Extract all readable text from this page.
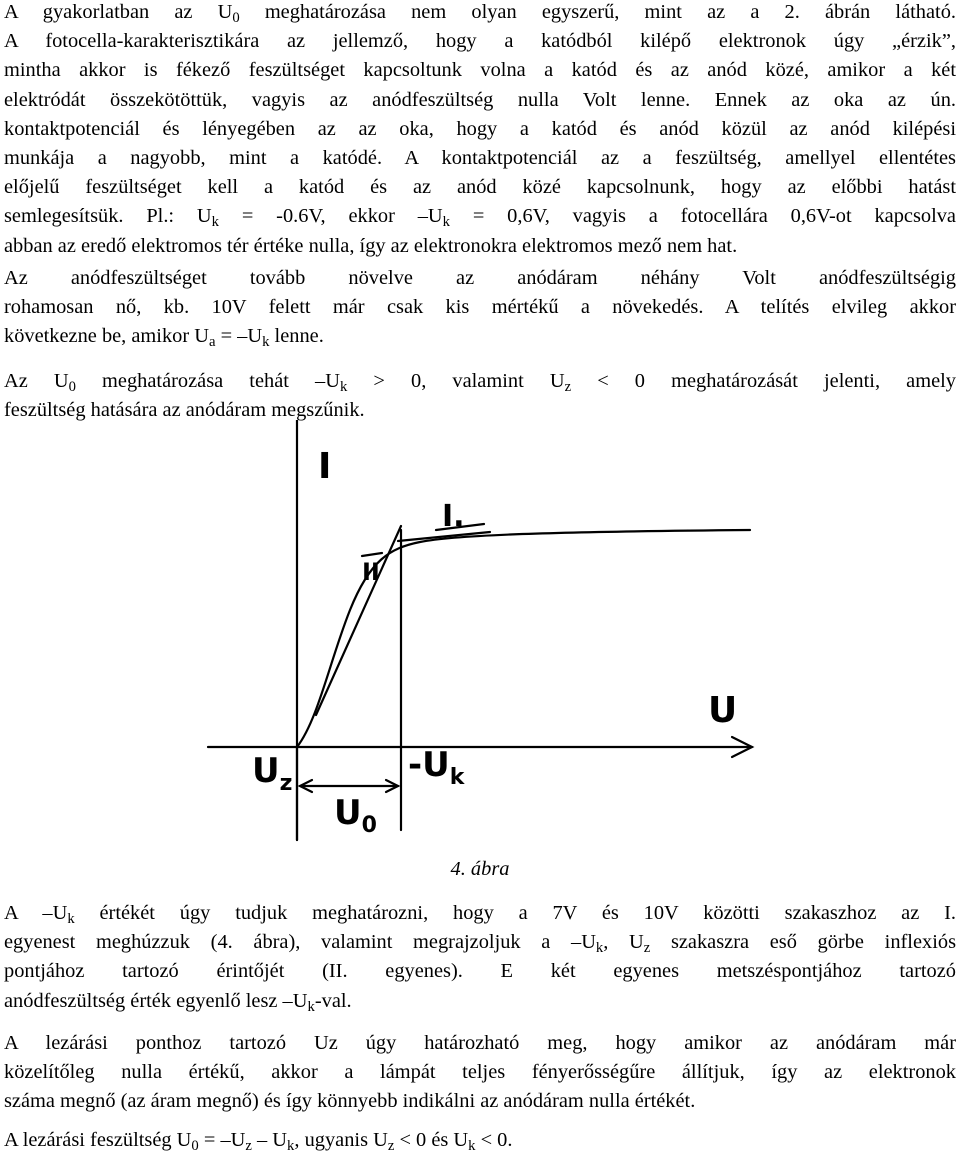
A gyakorlatban az $U_0$ meghatározása nem olyan egyszerű, mint az a 2. ábrán látható.
A fotocella-karakterisztikára az jellemző, hogy a katódból kilépő elektronok úgy „érzik”,
mintha akkor is fékező feszültséget kapcsoltunk volna a katód és az anód közé, amikor a két
elektródát összekötöttük, vagyis az anódfeszültség nulla Volt lenne. Ennek az oka az ún.
kontaktpotenciál és lényegében az az oka, hogy a katód és anód közül az anód kilépési
munkája a nagyobb, mint a katódé. A kontaktpotenciál az a feszültség, amellyel ellentétes
előjelű feszültséget kell a katód és az anód közé kapcsolnunk, hogy az előbbi hatást
semlegesítsük. Pl.: $U_k = -0.6V$, ekkor $-U_k = 0,6V$, vagyis a fotocellára 0,6V-ot kapcsolva
abban az eredő elektromos tér értéke nulla, így az elektronokra elektromos mező nem hat.

Az anódfeszültséget tovább növelve az anódáram néhány Volt anódfeszültségig
rohamosan nő, kb. 10V felett már csak kis mértékű a növekedés. A telítés elvileg akkor
következne be, amikor $U_a = -U_k$ lenne.

Az $U_0$ meghatározása tehát $-U_k > 0$, valamint $U_z < 0$ meghatározását jelenti, amely
feszültség hatására az anódáram megszűnik.

I
U
I.
II
$U_z$	$-U_k$
$U_0$
4. ábra

A $-U_k$ értékét úgy tudjuk meghatározni, hogy a 7V és 10V közötti szakaszhoz az I.
egyenest meghúzzuk (4. ábra), valamint megrajzoljuk a $-U_k$, $U_z$ szakaszra eső görbe inflexiós
pontjához tartozó érintőjét (II. egyenes). E két egyenes metszéspontjához tartozó
anódfeszültség érték egyenlő lesz $-U_k$-val.

A lezárási ponthoz tartozó Uz úgy határozható meg, hogy amikor az anódáram már
közelítőleg nulla értékű, akkor a lámpát teljes fényerősségűre állítjuk, így az elektronok
száma megnő (az áram megnő) és így könnyebb indikálni az anódáram nulla értékét.

A lezárási feszültség $U_0 = -U_z - U_k$, ugyanis $U_z < 0$ és $U_k < 0$.
